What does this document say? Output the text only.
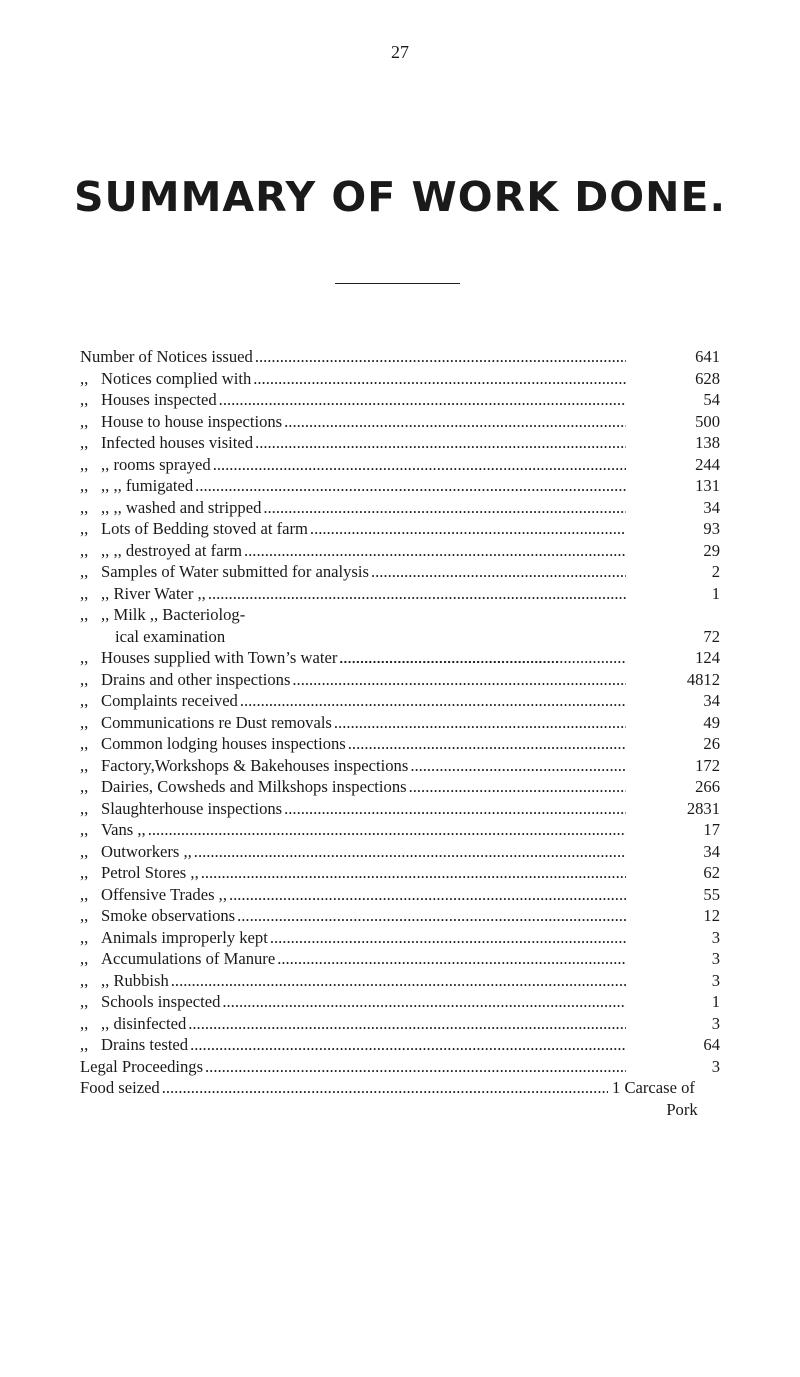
27
SUMMARY OF WORK DONE.
Number of Notices issued .....	641
,, Notices complied with .....	628
,, Houses inspected .....	54
,, House to house inspections .....	500
,, Infected houses visited .....	138
,, ,, rooms sprayed .....	244
,, ,, ,, fumigated .....	131
,, ,, ,, washed and stripped .....	34
,, Lots of Bedding stoved at farm .....	93
,, ,, ,, destroyed at farm .....	29
,, Samples of Water submitted for analysis .....	2
,, ,, River Water ,, .....	1
,, ,, Milk ,, Bacteriolog-
ical examination .....	72
,, Houses supplied with Town’s water .....	124
,, Drains and other inspections .....	4812
,, Complaints received .....	34
,, Communications re Dust removals .....	49
,, Common lodging houses inspections .....	26
,, Factory,Workshops & Bakehouses inspections .....	172
,, Dairies, Cowsheds and Milkshops inspections .....	266
,, Slaughterhouse inspections .....	2831
,, Vans ,, .....	17
,, Outworkers ,, .....	34
,, Petrol Stores ,, .....	62
,, Offensive Trades ,, .....	55
,, Smoke observations .....	12
,, Animals improperly kept .....	3
,, Accumulations of Manure .....	3
,, ,, Rubbish .....	3
,, Schools inspected .....	1
,, ,, disinfected .....	3
,, Drains tested .....	64
Legal Proceedings .....	3
Food seized .....	1 Carcase of
Pork
